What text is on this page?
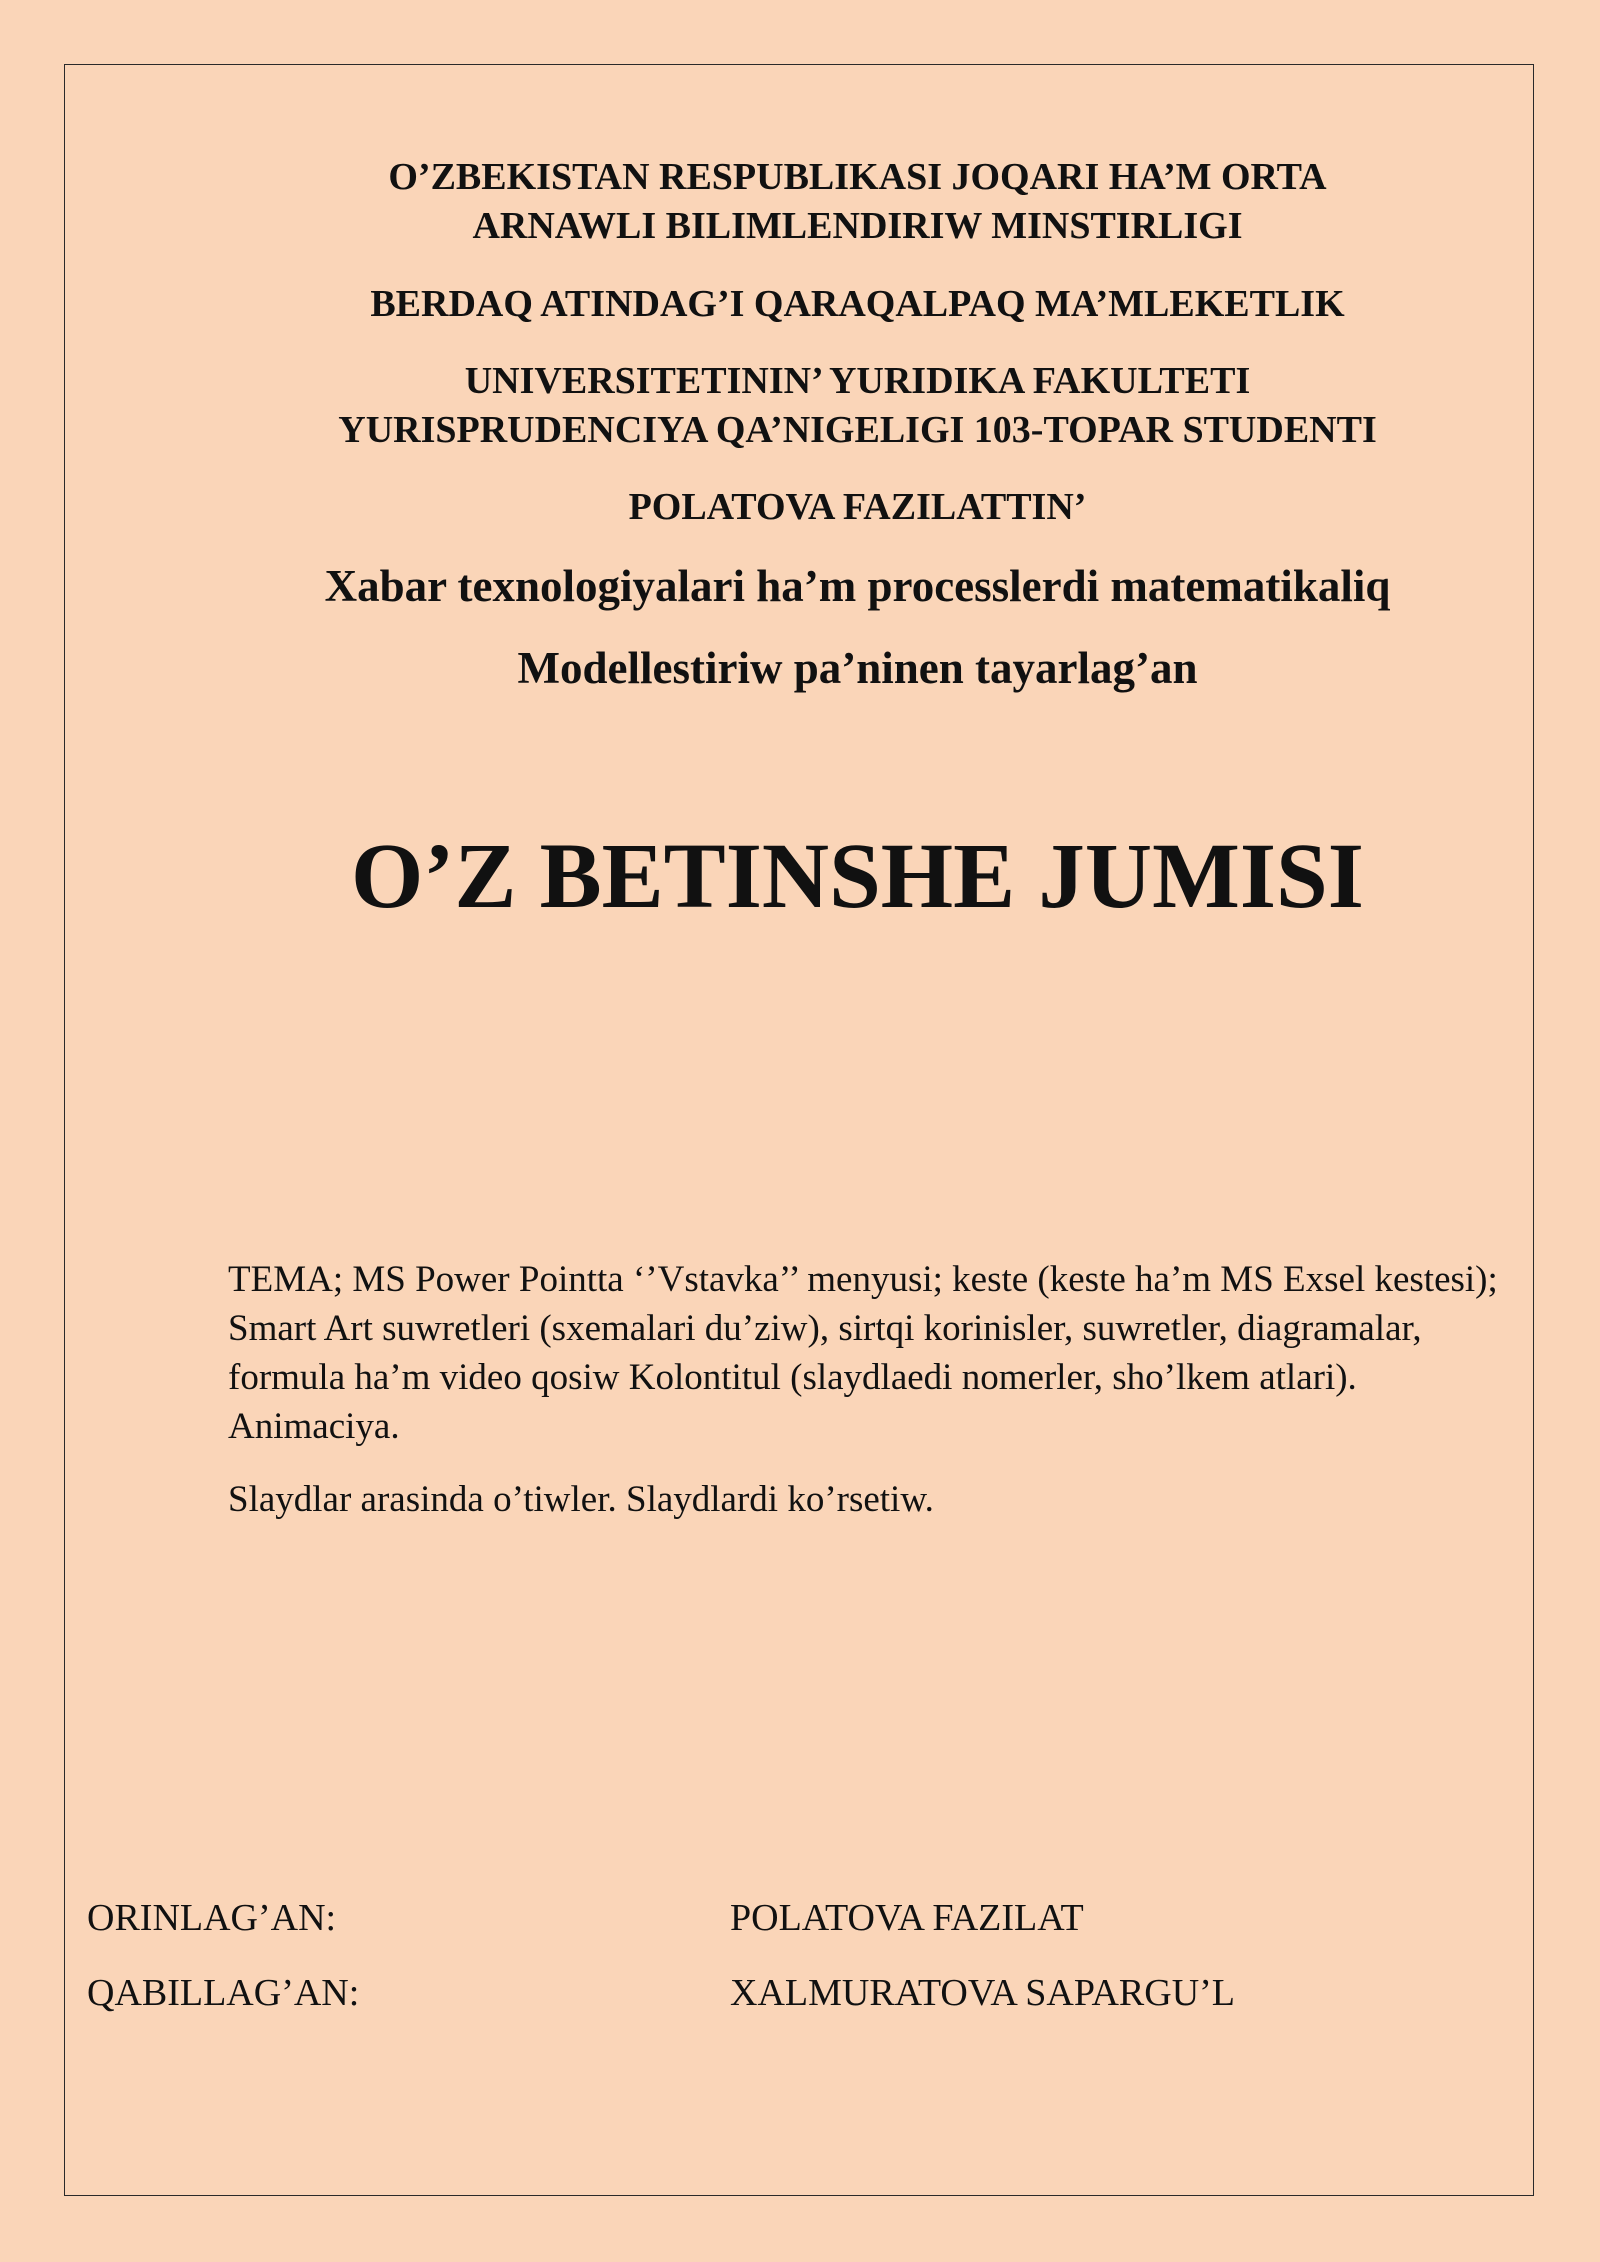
O’ZBEKISTAN RESPUBLIKASI JOQARI HA’M ORTA
ARNAWLI BILIMLENDIRIW MINSTIRLIGI
BERDAQ ATINDAG’I QARAQALPAQ MA’MLEKETLIK
UNIVERSITETININ’ YURIDIKA FAKULTETI
YURISPRUDENCIYA QA’NIGELIGI 103-TOPAR STUDENTI
POLATOVA FAZILATTIN’
Xabar texnologiyalari ha’m processlerdi matematikaliq
Modellestiriw pa’ninen tayarlag’an
O’Z BETINSHE JUMISI

TEMA; MS Power Pointta ‘’Vstavka’’ menyusi; keste (keste ha’m MS Exsel kestesi); Smart Art suwretleri (sxemalari du’ziw), sirtqi korinisler, suwretler, diagramalar, formula ha’m video qosiw Kolontitul (slaydlaedi nomerler, sho’lkem atlari). Animaciya.

Slaydlar arasinda o’tiwler. Slaydlardi ko’rsetiw.

ORINLAG’AN:	POLATOVA FAZILAT
QABILLAG’AN:	XALMURATOVA SAPARGU’L
